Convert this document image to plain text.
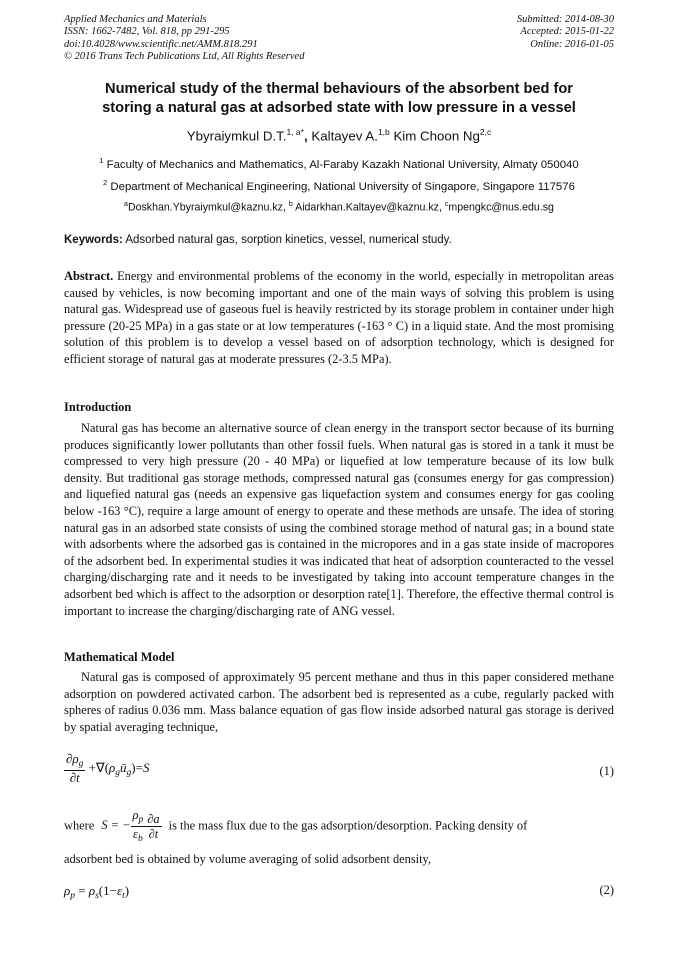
Applied Mechanics and Materials
ISSN: 1662-7482, Vol. 818, pp 291-295
doi:10.4028/www.scientific.net/AMM.818.291
© 2016 Trans Tech Publications Ltd, All Rights Reserved
Submitted: 2014-08-30
Accepted: 2015-01-22
Online: 2016-01-05
Numerical study of the thermal behaviours of the absorbent bed for
storing a natural gas at adsorbed state with low pressure in a vessel
Ybyraiymkul D.T.$^{1, a*}$, Kaltayev A.$^{1,b}$ Kim Choon Ng$^{2,c}$
$^1$ Faculty of Mechanics and Mathematics, Al-Faraby Kazakh National University, Almaty 050040
$^2$ Department of Mechanical Engineering, National University of Singapore, Singapore 117576
$^a$Doskhan.Ybyraiymkul@kaznu.kz, $^b$ Aidarkhan.Kaltayev@kaznu.kz, $^c$mpengkc@nus.edu.sg
Keywords: Adsorbed natural gas, sorption kinetics, vessel, numerical study.
Abstract. Energy and environmental problems of the economy in the world, especially in metropolitan areas caused by vehicles, is now becoming important and one of the main ways of solving this problem is using natural gas. Widespread use of gaseous fuel is heavily restricted by its storage problem in container under high pressure (20-25 MPa) in a gas state or at low temperatures (-163 ° C) in a liquid state. And the most promising solution of this problem is to develop a vessel based on of adsorption technology, which is designed for efficient storage of natural gas at moderate pressures (2-3.5 MPa).
Introduction
Natural gas has become an alternative source of clean energy in the transport sector because of its burning produces significantly lower pollutants than other fossil fuels. When natural gas is stored in a tank it must be compressed to very high pressure (20 - 40 MPa) or liquefied at low temperature because of its low bulk density. But traditional gas storage methods, compressed natural gas (consumes energy for gas compression) and liquefied natural gas (needs an expensive gas liquefaction system and consumes energy for gas cooling below -163 °C), require a large amount of energy to operate and these methods are unsafe. The idea of storing natural gas in an adsorbed state consists of using the combined storage method of natural gas; in a bound state with adsorbents where the adsorbed gas is contained in the micropores and in a gas state inside of macropores of the adsorbent bed. In experimental studies it was indicated that heat of adsorption counteracted to the vessel charging/discharging rate and it needs to be investigated by taking into account temperature changes in the adsorbent bed which is affect to the adsorption or desorption rate[1]. Therefore, the effective thermal control is important to increase the charging/discharging rate of ANG vessel.
Mathematical Model
Natural gas is composed of approximately 95 percent methane and thus in this paper considered methane adsorption on powdered activated carbon. The adsorbent bed is represented as a cube, regularly packed with spheres of radius 0.036 mm. Mass balance equation of gas flow inside adsorbed natural gas storage is derived by spatial averaging technique,
$\frac{\partial\rho_g}{\partial t}$ $+\nabla(\rho_gū_g)=S$	(1)
where S = − $\frac{\rho_p}{\varepsilon_b} \frac{\partial a}{\partial t}$ is the mass flux due to the gas adsorption/desorption. Packing density of
adsorbent bed is obtained by volume averaging of solid adsorbent density,
$\rho_p = \rho_s(1-\varepsilon_t)$	(2)
